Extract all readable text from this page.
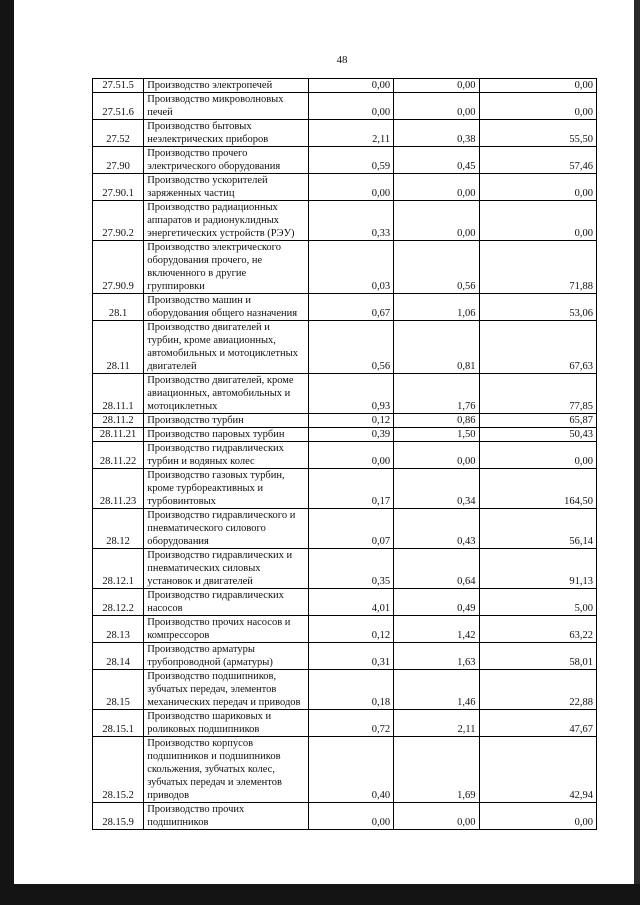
48
27.51.5	Производство электропечей	0,00	0,00	0,00
27.51.6	Производство микроволновых печей	0,00	0,00	0,00
27.52	Производство бытовых неэлектрических приборов	2,11	0,38	55,50
27.90	Производство прочего электрического оборудования	0,59	0,45	57,46
27.90.1	Производство ускорителей заряженных частиц	0,00	0,00	0,00
27.90.2	Производство радиационных аппаратов и радионуклидных энергетических устройств (РЭУ)	0,33	0,00	0,00
27.90.9	Производство электрического оборудования прочего, не включенного в другие группировки	0,03	0,56	71,88
28.1	Производство машин и оборудования общего назначения	0,67	1,06	53,06
28.11	Производство двигателей и турбин, кроме авиационных, автомобильных и мотоциклетных двигателей	0,56	0,81	67,63
28.11.1	Производство двигателей, кроме авиационных, автомобильных и мотоциклетных	0,93	1,76	77,85
28.11.2	Производство турбин	0,12	0,86	65,87
28.11.21	Производство паровых турбин	0,39	1,50	50,43
28.11.22	Производство гидравлических турбин и водяных колес	0,00	0,00	0,00
28.11.23	Производство газовых турбин, кроме турбореактивных и турбовинтовых	0,17	0,34	164,50
28.12	Производство гидравлического и пневматического силового оборудования	0,07	0,43	56,14
28.12.1	Производство гидравлических и пневматических силовых установок и двигателей	0,35	0,64	91,13
28.12.2	Производство гидравлических насосов	4,01	0,49	5,00
28.13	Производство прочих насосов и компрессоров	0,12	1,42	63,22
28.14	Производство арматуры трубопроводной (арматуры)	0,31	1,63	58,01
28.15	Производство подшипников, зубчатых передач, элементов механических передач и приводов	0,18	1,46	22,88
28.15.1	Производство шариковых и роликовых подшипников	0,72	2,11	47,67
28.15.2	Производство корпусов подшипников и подшипников скольжения, зубчатых колес, зубчатых передач и элементов приводов	0,40	1,69	42,94
28.15.9	Производство прочих подшипников	0,00	0,00	0,00
